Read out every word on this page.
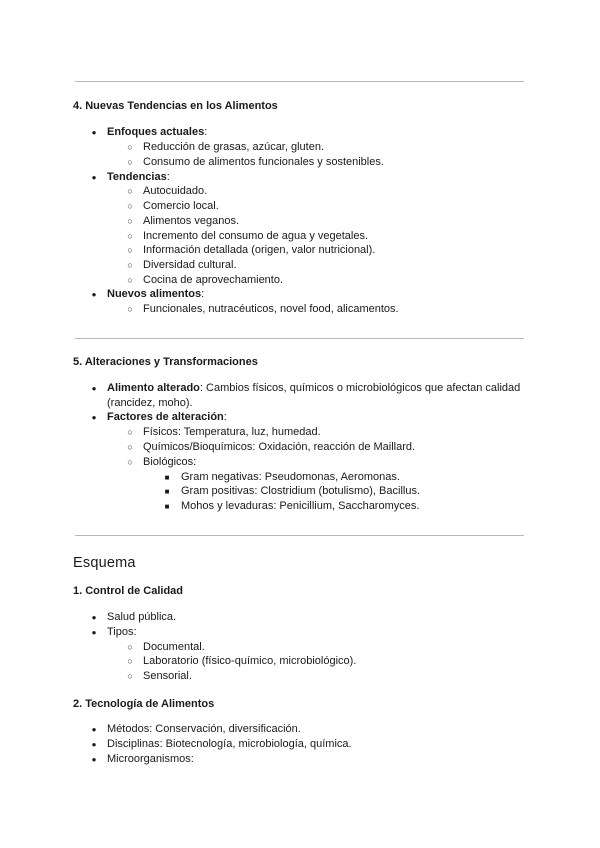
4. Nuevas Tendencias en los Alimentos
● Enfoques actuales:
○ Reducción de grasas, azúcar, gluten.
○ Consumo de alimentos funcionales y sostenibles.
● Tendencias:
○ Autocuidado.
○ Comercio local.
○ Alimentos veganos.
○ Incremento del consumo de agua y vegetales.
○ Información detallada (origen, valor nutricional).
○ Diversidad cultural.
○ Cocina de aprovechamiento.
● Nuevos alimentos:
○ Funcionales, nutracéuticos, novel food, alicamentos.
5. Alteraciones y Transformaciones
● Alimento alterado: Cambios físicos, químicos o microbiológicos que afectan calidad
(rancidez, moho).
● Factores de alteración:
○ Físicos: Temperatura, luz, humedad.
○ Químicos/Bioquímicos: Oxidación, reacción de Maillard.
○ Biológicos:
■ Gram negativas: Pseudomonas, Aeromonas.
■ Gram positivas: Clostridium (botulismo), Bacillus.
■ Mohos y levaduras: Penicillium, Saccharomyces.
Esquema
1. Control de Calidad
● Salud pública.
● Tipos:
○ Documental.
○ Laboratorio (físico-químico, microbiológico).
○ Sensorial.
2. Tecnología de Alimentos
● Métodos: Conservación, diversificación.
● Disciplinas: Biotecnología, microbiología, química.
● Microorganismos:
